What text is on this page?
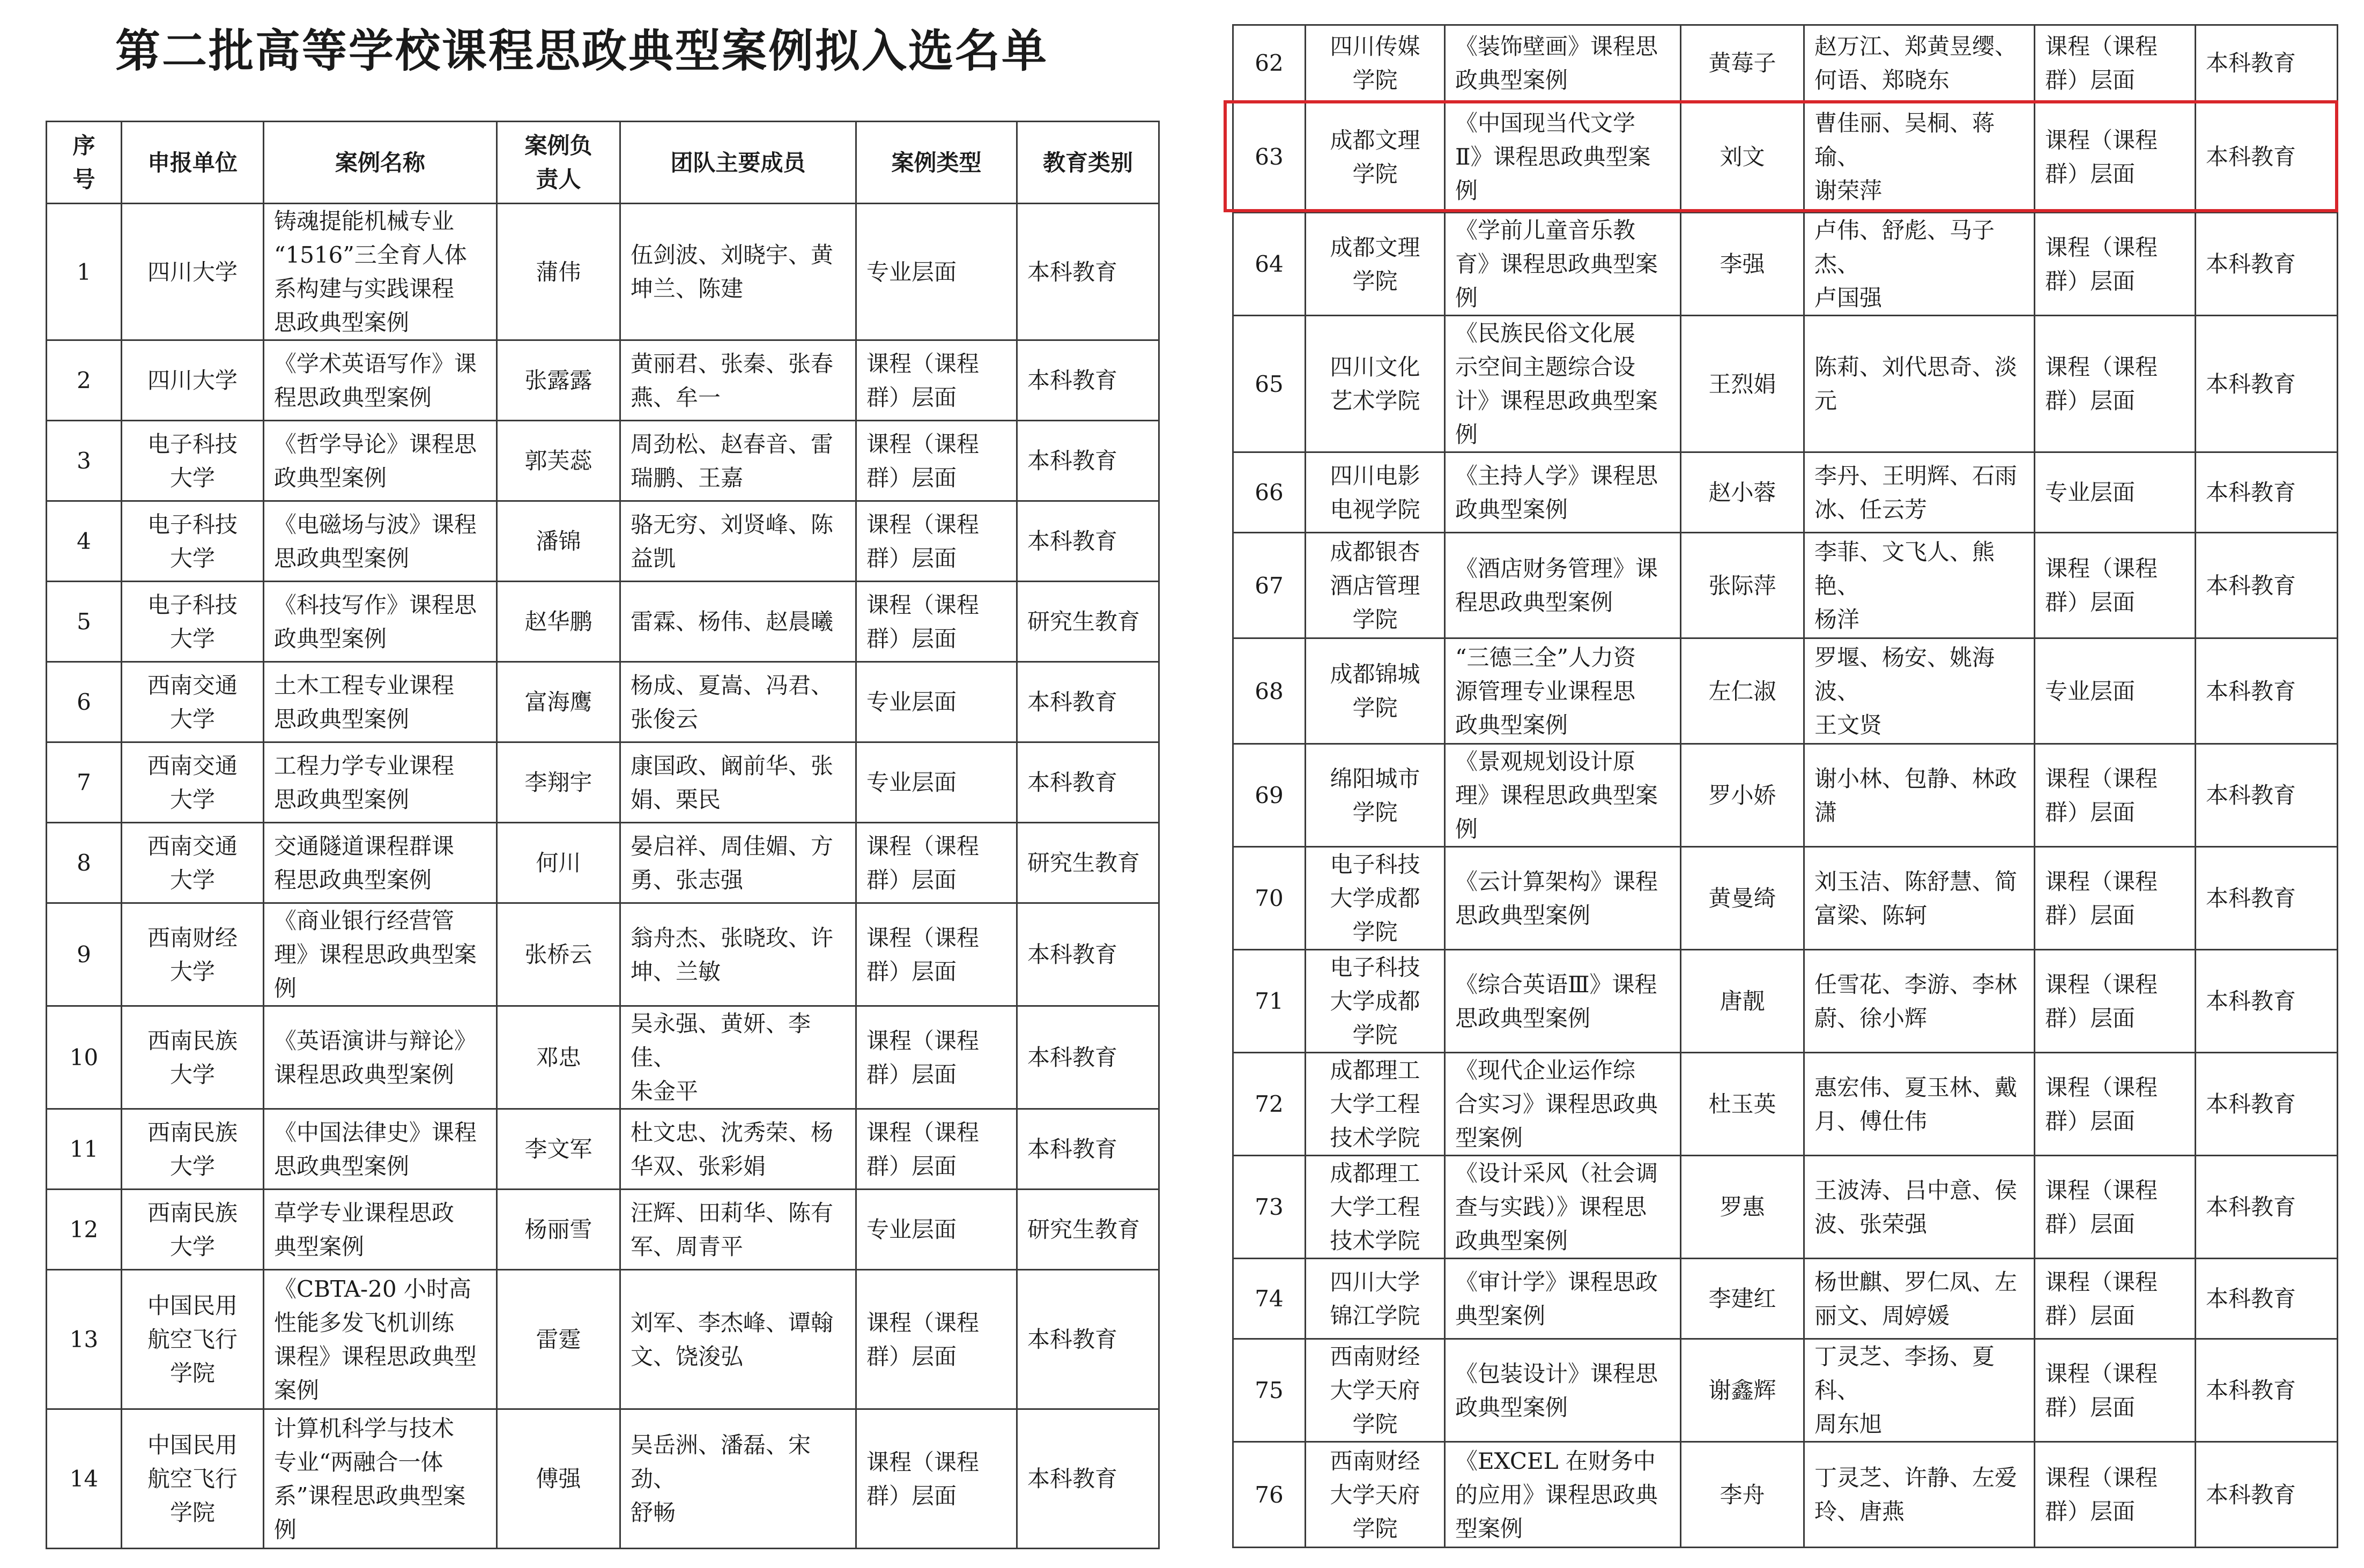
第二批高等学校课程思政典型案例拟入选名单
序
号	申报单位	案例名称	案例负
责人	团队主要成员	案例类型	教育类别
1	四川大学	铸魂提能机械专业
“1516”三全育人体
系构建与实践课程
思政典型案例	蒲伟	伍剑波、刘晓宇、黄
坤兰、陈建	专业层面	本科教育
2	四川大学	《学术英语写作》课
程思政典型案例	张露露	黄丽君、张秦、张春
燕、牟一	课程（课程
群）层面	本科教育
3	电子科技
大学	《哲学导论》课程思
政典型案例	郭芙蕊	周劲松、赵春音、雷
瑞鹏、王嘉	课程（课程
群）层面	本科教育
4	电子科技
大学	《电磁场与波》课程
思政典型案例	潘锦	骆无穷、刘贤峰、陈
益凯	课程（课程
群）层面	本科教育
5	电子科技
大学	《科技写作》课程思
政典型案例	赵华鹏	雷霖、杨伟、赵晨曦	课程（课程
群）层面	研究生教育
6	西南交通
大学	土木工程专业课程
思政典型案例	富海鹰	杨成、夏嵩、冯君、
张俊云	专业层面	本科教育
7	西南交通
大学	工程力学专业课程
思政典型案例	李翔宇	康国政、阚前华、张
娟、栗民	专业层面	本科教育
8	西南交通
大学	交通隧道课程群课
程思政典型案例	何川	晏启祥、周佳媚、方
勇、张志强	课程（课程
群）层面	研究生教育
9	西南财经
大学	《商业银行经营管
理》课程思政典型案
例	张桥云	翁舟杰、张晓玫、许
坤、兰敏	课程（课程
群）层面	本科教育
10	西南民族
大学	《英语演讲与辩论》
课程思政典型案例	邓忠	吴永强、黄妍、李佳、
朱金平	课程（课程
群）层面	本科教育
11	西南民族
大学	《中国法律史》课程
思政典型案例	李文军	杜文忠、沈秀荣、杨
华双、张彩娟	课程（课程
群）层面	本科教育
12	西南民族
大学	草学专业课程思政
典型案例	杨丽雪	汪辉、田莉华、陈有
军、周青平	专业层面	研究生教育
13	中国民用
航空飞行
学院	《CBTA-20 小时高
性能多发飞机训练
课程》课程思政典型
案例	雷霆	刘军、李杰峰、谭翰
文、饶浚弘	课程（课程
群）层面	本科教育
14	中国民用
航空飞行
学院	计算机科学与技术
专业“两融合一体
系”课程思政典型案
例	傅强	吴岳洲、潘磊、宋劲、
舒畅	课程（课程
群）层面	本科教育
62	四川传媒
学院	《装饰壁画》课程思
政典型案例	黄莓子	赵万江、郑黄昱缨、
何语、郑晓东	课程（课程
群）层面	本科教育
63	成都文理
学院	《中国现当代文学
Ⅱ》课程思政典型案
例	刘文	曹佳丽、吴桐、蒋瑜、
谢荣萍	课程（课程
群）层面	本科教育
64	成都文理
学院	《学前儿童音乐教
育》课程思政典型案
例	李强	卢伟、舒彪、马子杰、
卢国强	课程（课程
群）层面	本科教育
65	四川文化
艺术学院	《民族民俗文化展
示空间主题综合设
计》课程思政典型案
例	王烈娟	陈莉、刘代思奇、淡
元	课程（课程
群）层面	本科教育
66	四川电影
电视学院	《主持人学》课程思
政典型案例	赵小蓉	李丹、王明辉、石雨
冰、任云芳	专业层面	本科教育
67	成都银杏
酒店管理
学院	《酒店财务管理》课
程思政典型案例	张际萍	李菲、文飞人、熊艳、
杨洋	课程（课程
群）层面	本科教育
68	成都锦城
学院	“三德三全”人力资
源管理专业课程思
政典型案例	左仁淑	罗堰、杨安、姚海波、
王文贤	专业层面	本科教育
69	绵阳城市
学院	《景观规划设计原
理》课程思政典型案
例	罗小娇	谢小林、包静、林政
潇	课程（课程
群）层面	本科教育
70	电子科技
大学成都
学院	《云计算架构》课程
思政典型案例	黄曼绮	刘玉洁、陈舒慧、简
富梁、陈轲	课程（课程
群）层面	本科教育
71	电子科技
大学成都
学院	《综合英语Ⅲ》课程
思政典型案例	唐靓	任雪花、李游、李林
蔚、徐小辉	课程（课程
群）层面	本科教育
72	成都理工
大学工程
技术学院	《现代企业运作综
合实习》课程思政典
型案例	杜玉英	惠宏伟、夏玉林、戴
月、傅仕伟	课程（课程
群）层面	本科教育
73	成都理工
大学工程
技术学院	《设计采风（社会调
查与实践）》课程思
政典型案例	罗惠	王波涛、吕中意、侯
波、张荣强	课程（课程
群）层面	本科教育
74	四川大学
锦江学院	《审计学》课程思政
典型案例	李建红	杨世麒、罗仁凤、左
丽文、周婷媛	课程（课程
群）层面	本科教育
75	西南财经
大学天府
学院	《包装设计》课程思
政典型案例	谢鑫辉	丁灵芝、李扬、夏科、
周东旭	课程（课程
群）层面	本科教育
76	西南财经
大学天府
学院	《EXCEL 在财务中
的应用》课程思政典
型案例	李舟	丁灵芝、许静、左爱
玲、唐燕	课程（课程
群）层面	本科教育
